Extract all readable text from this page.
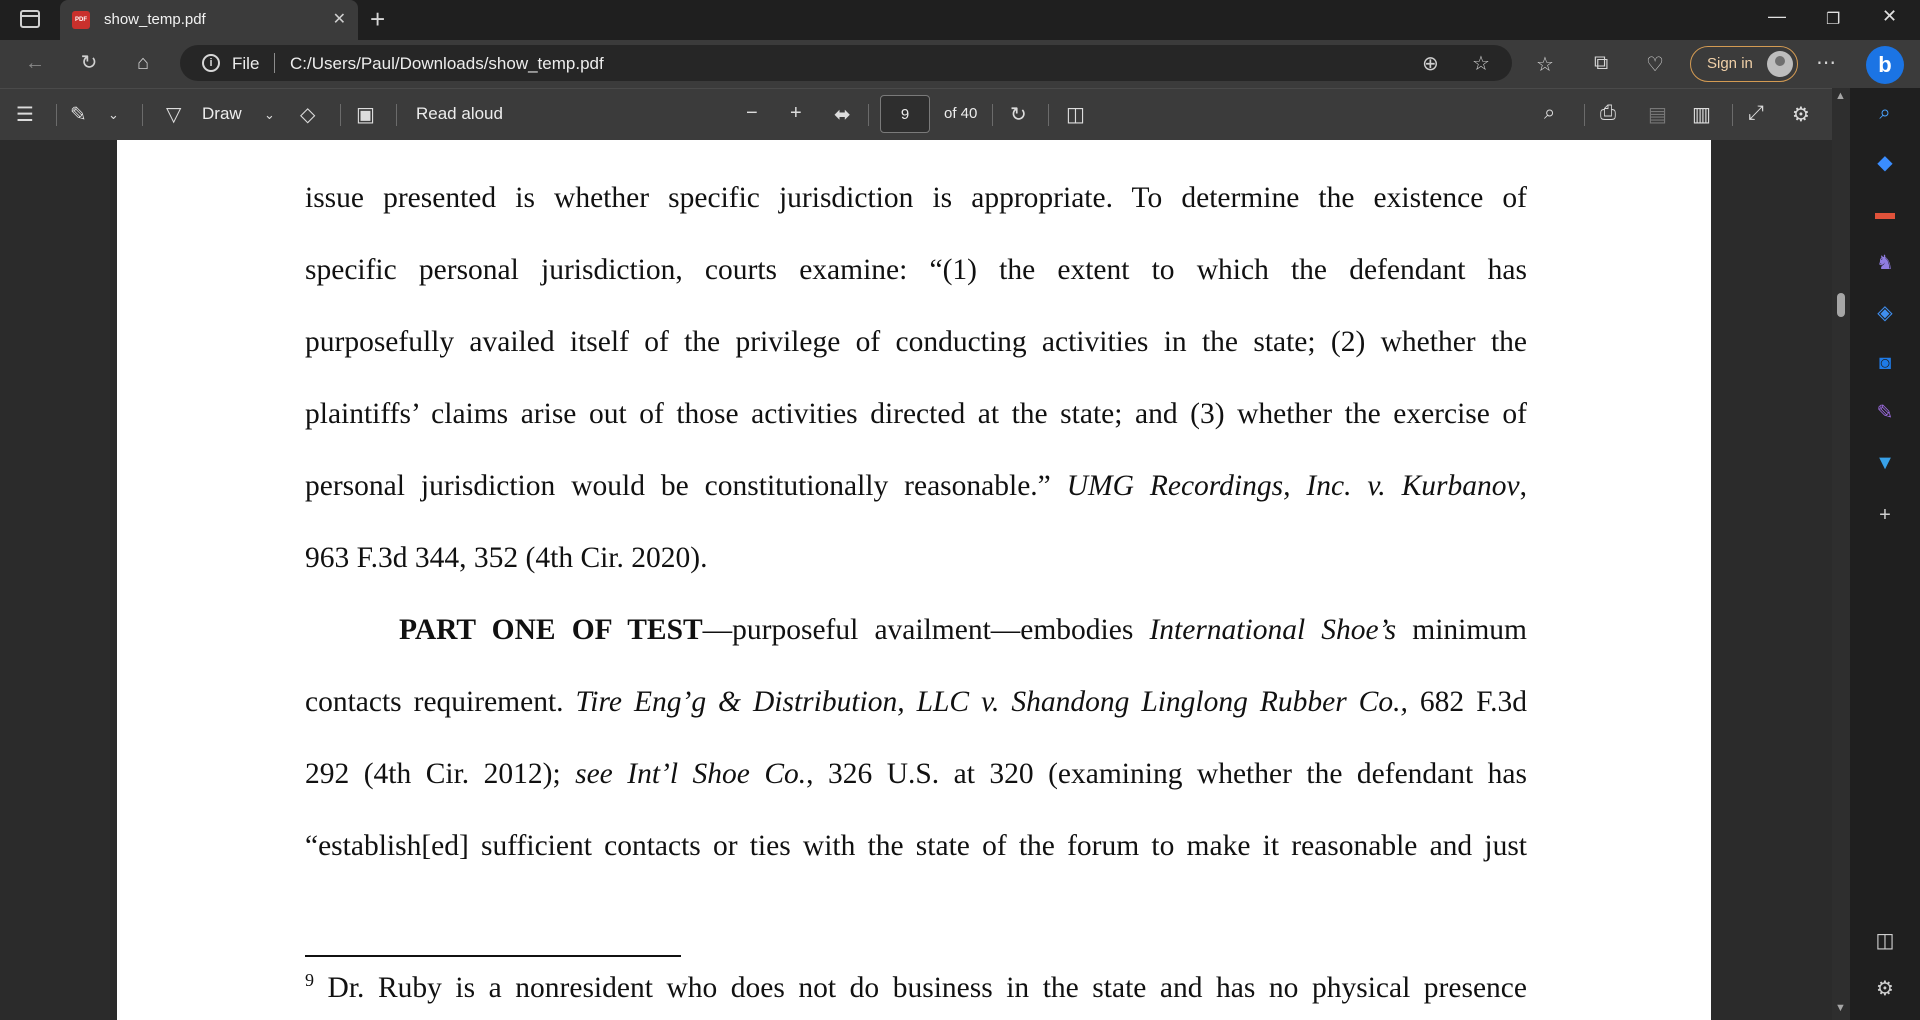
PDF show_temp.pdf	✕ +	—	❐ ✕
←	↻	⌂	i	File C:/Users/Paul/Downloads/show_temp.pdf	⊕ ☆ ☆ ⧉ ♡	Sign in	⋯	b
☰ ✎ ⌄ ▽ Draw ⌄ ◇ ▣ Read aloud	− + ⬌	9	of 40 ↻ ◫	⌕ ⎙ ▤ ▥ ⤢ ⚙
issue presented is whether specific jurisdiction is appropriate. To determine the existence of
specific personal jurisdiction, courts examine: “(1) the extent to which the defendant has
purposefully availed itself of the privilege of conducting activities in the state; (2) whether the
plaintiffs’ claims arise out of those activities directed at the state; and (3) whether the exercise of
personal jurisdiction would be constitutionally reasonable.” UMG Recordings, Inc. v. Kurbanov,
963 F.3d 344, 352 (4th Cir. 2020).
PART ONE OF TEST—purposeful availment—embodies International Shoe’s minimum
contacts requirement. Tire Eng’g & Distribution, LLC v. Shandong Linglong Rubber Co., 682 F.3d
292 (4th Cir. 2012); see Int’l Shoe Co., 326 U.S. at 320 (examining whether the defendant has
“establish[ed] sufficient contacts or ties with the state of the forum to make it reasonable and just
$^9$ Dr. Ruby is a nonresident who does not do business in the state and has no physical presence
▲
▼
⌕
◆
▬
♞
◈
◙
✎
▼
+
◫
⚙
